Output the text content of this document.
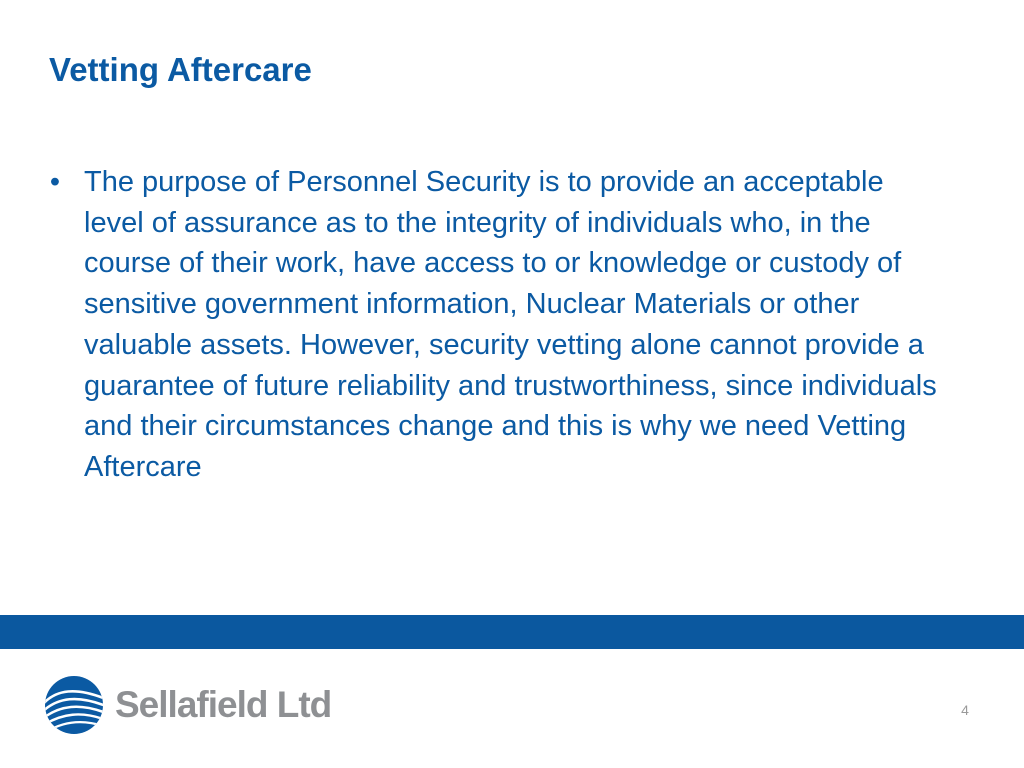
Vetting Aftercare
• The purpose of Personnel Security is to provide an acceptable level of assurance as to the integrity of individuals who, in the course of their work, have access to or knowledge or custody of sensitive government information, Nuclear Materials or other valuable assets. However, security vetting alone cannot provide a guarantee of future reliability and trustworthiness, since individuals and their circumstances change and this is why we need Vetting Aftercare
Sellafield Ltd	4
